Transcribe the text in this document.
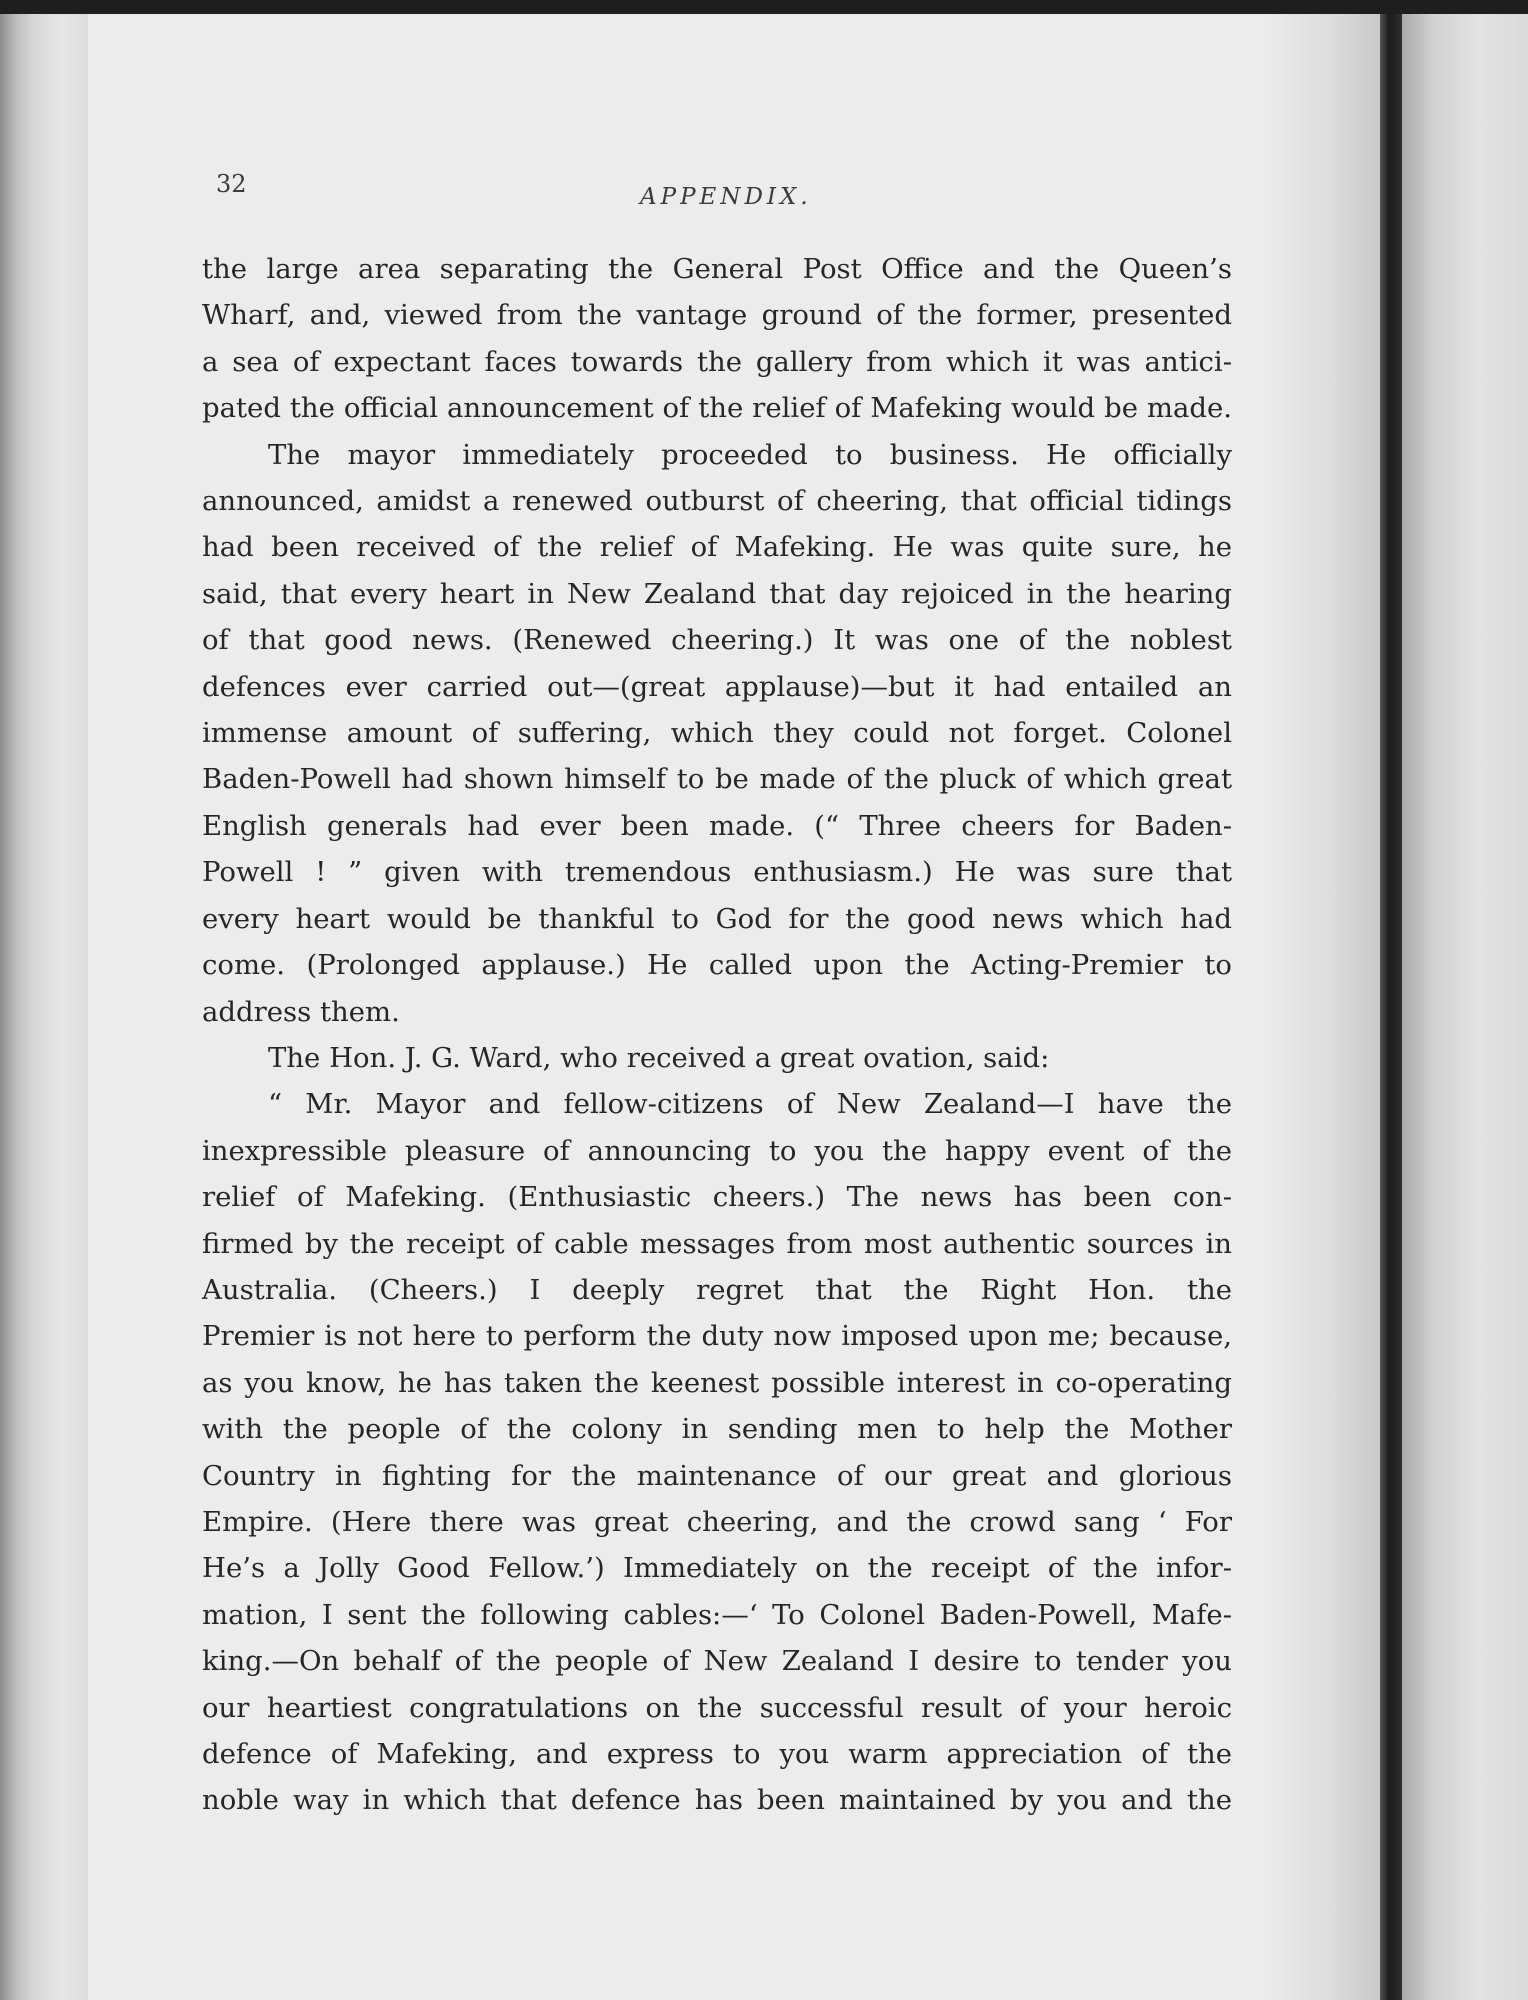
32	APPENDIX.
the large area separating the General Post Office and the Queen’s
Wharf, and, viewed from the vantage ground of the former, presented
a sea of expectant faces towards the gallery from which it was antici-
pated the official announcement of the relief of Mafeking would be made.
The mayor immediately proceeded to business. He officially
announced, amidst a renewed outburst of cheering, that official tidings
had been received of the relief of Mafeking. He was quite sure, he
said, that every heart in New Zealand that day rejoiced in the hearing
of that good news. (Renewed cheering.) It was one of the noblest
defences ever carried out—(great applause)—but it had entailed an
immense amount of suffering, which they could not forget. Colonel
Baden-Powell had shown himself to be made of the pluck of which great
English generals had ever been made. (“ Three cheers for Baden-
Powell ! ” given with tremendous enthusiasm.) He was sure that
every heart would be thankful to God for the good news which had
come. (Prolonged applause.) He called upon the Acting-Premier to
address them.
The Hon. J. G. Ward, who received a great ovation, said:
“ Mr. Mayor and fellow-citizens of New Zealand—I have the
inexpressible pleasure of announcing to you the happy event of the
relief of Mafeking. (Enthusiastic cheers.) The news has been con-
firmed by the receipt of cable messages from most authentic sources in
Australia. (Cheers.) I deeply regret that the Right Hon. the
Premier is not here to perform the duty now imposed upon me; because,
as you know, he has taken the keenest possible interest in co-operating
with the people of the colony in sending men to help the Mother
Country in fighting for the maintenance of our great and glorious
Empire. (Here there was great cheering, and the crowd sang ‘ For
He’s a Jolly Good Fellow.’) Immediately on the receipt of the infor-
mation, I sent the following cables:—‘ To Colonel Baden-Powell, Mafe-
king.—On behalf of the people of New Zealand I desire to tender you
our heartiest congratulations on the successful result of your heroic
defence of Mafeking, and express to you warm appreciation of the
noble way in which that defence has been maintained by you and the
